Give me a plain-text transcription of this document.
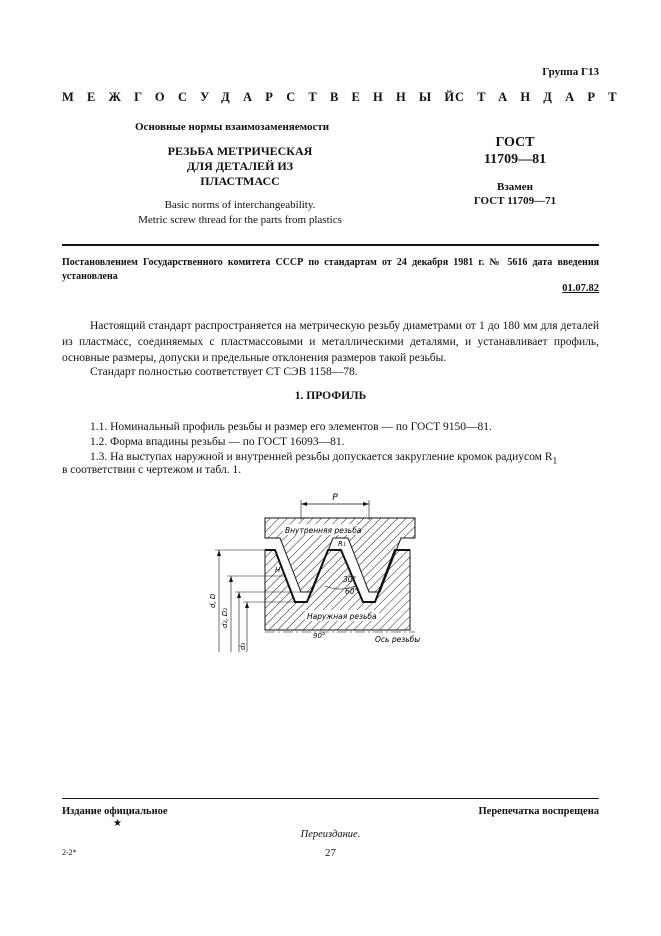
Группа Г13
МЕЖГОСУДАРСТВЕННЫЙ
СТАНДАРТ
Основные нормы взаимозаменяемости
РЕЗЬБА МЕТРИЧЕСКАЯ
ДЛЯ ДЕТАЛЕЙ ИЗ ПЛАСТМАСС
Basic norms of interchangeability.
Metric screw thread for the parts from plastics
ГОСТ
11709—81
Взамен
ГОСТ 11709—71
Постановлением Государственного комитета СССР по стандартам от 24 декабря 1981 г. № 5616 дата введения установлена
01.07.82
Настоящий стандарт распространяется на метрическую резьбу диаметрами от 1 до 180 мм для деталей из пластмасс, соединяемых с пластмассовыми и металлическими деталями, и устанавливает профиль, основные размеры, допуски и предельные отклонения размеров такой резьбы.
Стандарт полностью соответствует СТ СЭВ 1158—78.
1. ПРОФИЛЬ
1.1. Номинальный профиль резьбы и размер его элементов — по ГОСТ 9150—81.
1.2. Форма впадины резьбы — по ГОСТ 16093—81.
1.3. На выступах наружной и внутренней резьбы допускается закругление кромок радиусом $R_1$
в соответствии с чертежом и табл. 1.
P
Внутренняя резьба
Наружная резьба
Ось резьбы
30°
60°
90°
R₁
H
d, D
d₂, D₂
d₃
Издание официальное
★
Перепечатка воспрещена
Переиздание.
27
2-2*
